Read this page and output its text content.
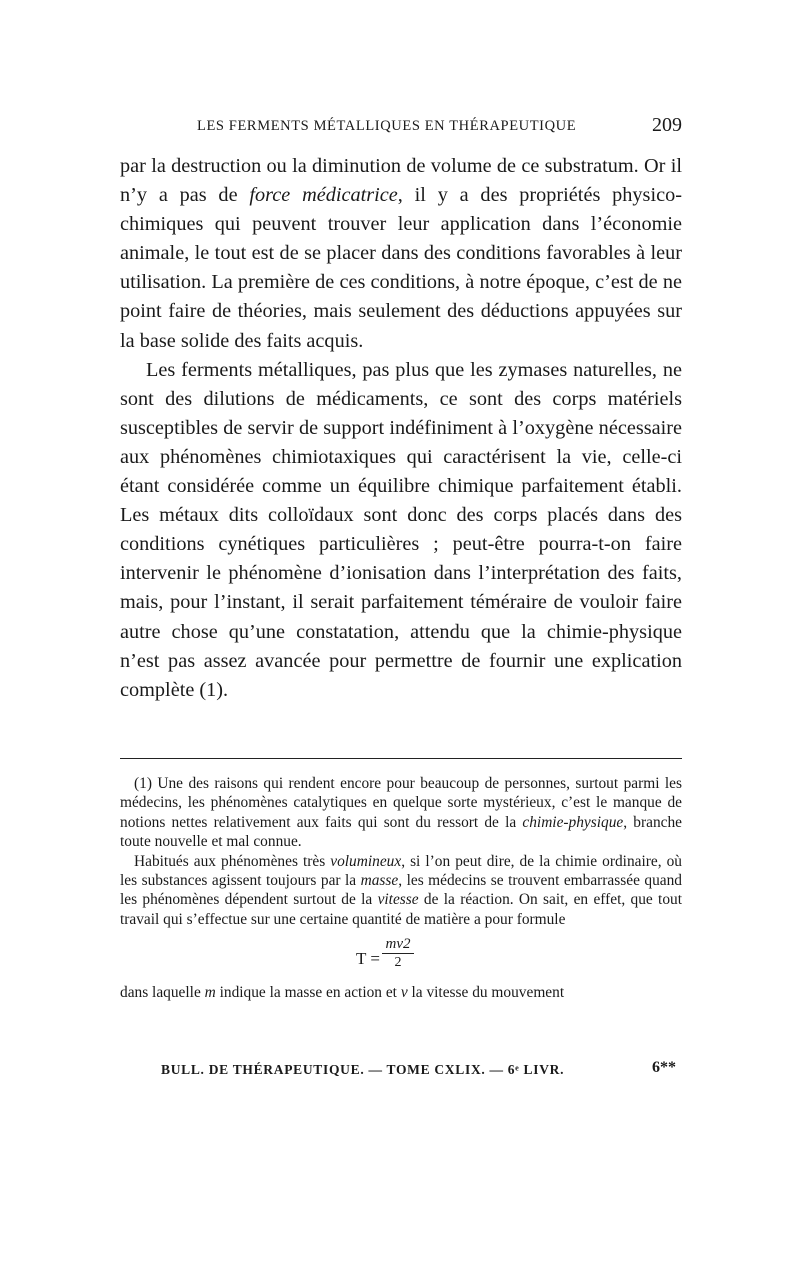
LES FERMENTS MÉTALLIQUES EN THÉRAPEUTIQUE	209

par la destruction ou la diminution de volume de ce substratum. Or il n’y a pas de force médicatrice, il y a des propriétés physico-chimiques qui peuvent trouver leur application dans l’économie animale, le tout est de se placer dans des conditions favorables à leur utilisation. La première de ces conditions, à notre époque, c’est de ne point faire de théories, mais seulement des déductions appuyées sur la base solide des faits acquis.

Les ferments métalliques, pas plus que les zymases naturelles, ne sont des dilutions de médicaments, ce sont des corps matériels susceptibles de servir de support indéfiniment à l’oxygène nécessaire aux phénomènes chimiotaxiques qui caractérisent la vie, celle-ci étant considérée comme un équilibre chimique parfaitement établi. Les métaux dits colloïdaux sont donc des corps placés dans des conditions cynétiques particulières ; peut-être pourra-t-on faire intervenir le phénomène d’ionisation dans l’interprétation des faits, mais, pour l’instant, il serait parfaitement téméraire de vouloir faire autre chose qu’une constatation, attendu que la chimie-physique n’est pas assez avancée pour permettre de fournir une explication complète (1).

(1) Une des raisons qui rendent encore pour beaucoup de personnes, surtout parmi les médecins, les phénomènes catalytiques en quelque sorte mystérieux, c’est le manque de notions nettes relativement aux faits qui sont du ressort de la chimie-physique, branche toute nouvelle et mal connue.

Habitués aux phénomènes très volumineux, si l’on peut dire, de la chimie ordinaire, où les substances agissent toujours par la masse, les médecins se trouvent embarrassée quand les phénomènes dépendent surtout de la vitesse de la réaction. On sait, en effet, que tout travail qui s’effectue sur une certaine quantité de matière a pour formule

$T = \frac{mv2}{2}$

dans laquelle m indique la masse en action et v la vitesse du mouvement

BULL. DE THÉRAPEUTIQUE. — TOME CXLIX. — 6ᵉ LIVR.	6**
